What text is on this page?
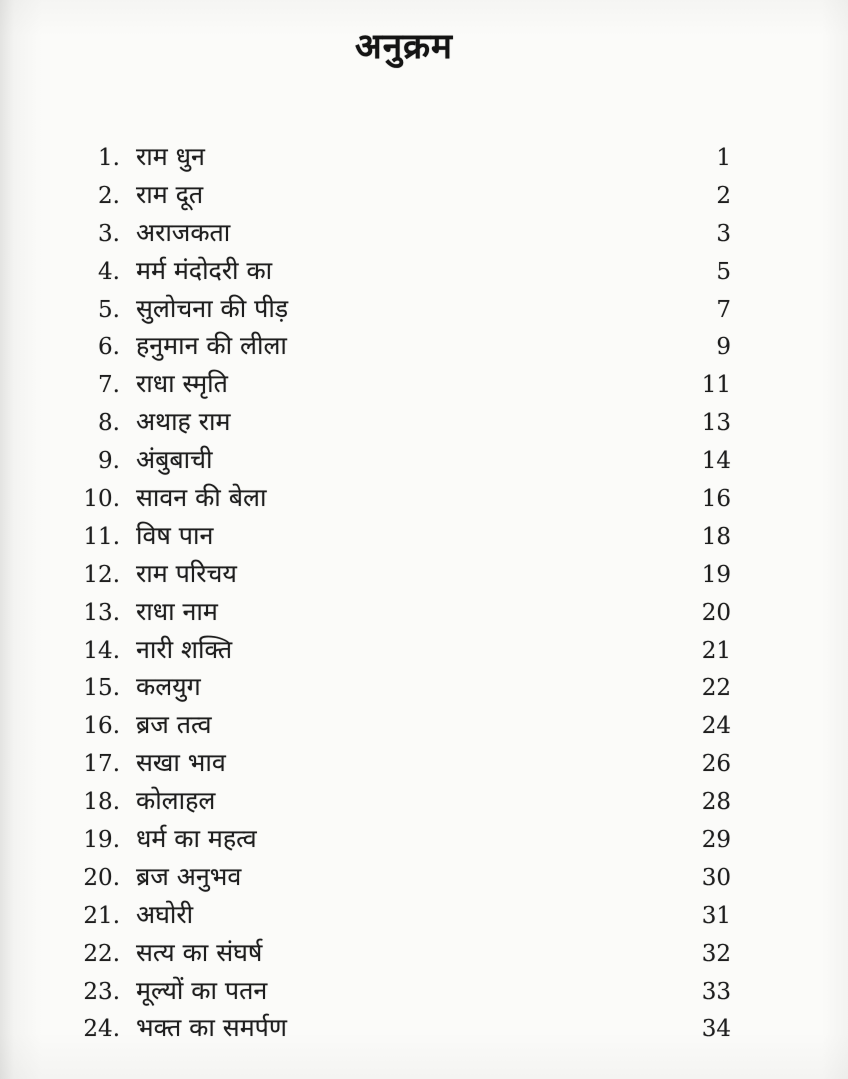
अनुक्रम
1. राम धुन	1
2. राम दूत	2
3. अराजकता	3
4. मर्म मंदोदरी का	5
5. सुलोचना की पीड़	7
6. हनुमान की लीला	9
7. राधा स्मृति	11
8. अथाह राम	13
9. अंबुबाची	14
10. सावन की बेला	16
11. विष पान	18
12. राम परिचय	19
13. राधा नाम	20
14. नारी शक्ति	21
15. कलयुग	22
16. ब्रज तत्व	24
17. सखा भाव	26
18. कोलाहल	28
19. धर्म का महत्व	29
20. ब्रज अनुभव	30
21. अघोरी	31
22. सत्य का संघर्ष	32
23. मूल्यों का पतन	33
24. भक्त का समर्पण	34
